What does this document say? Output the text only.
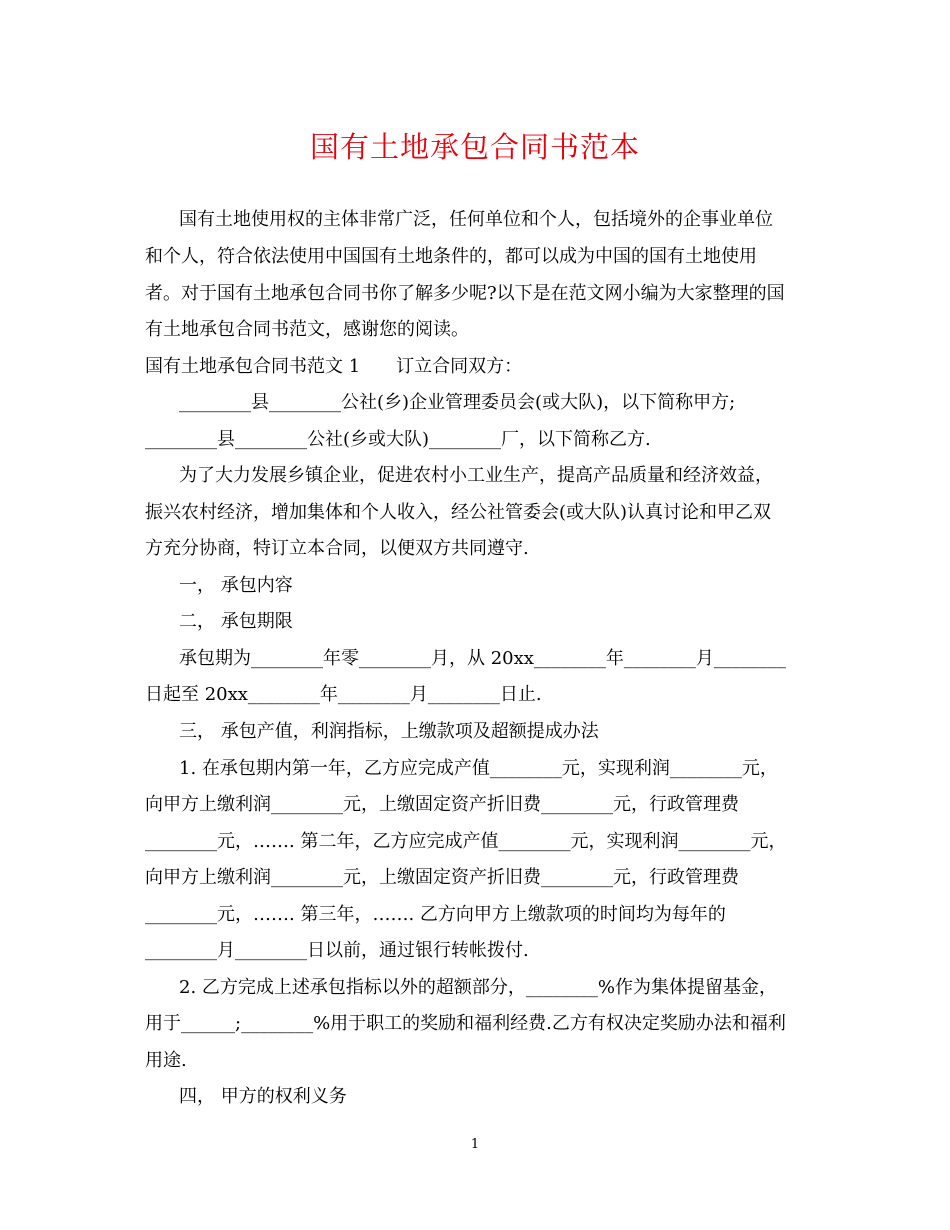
国有土地承包合同书范本

国有土地使用权的主体非常广泛，任何单位和个人，包括境外的企事业单位

和个人，符合依法使用中国国有土地条件的，都可以成为中国的国有土地使用

者。对于国有土地承包合同书你了解多少呢?以下是在范文网小编为大家整理的国

有土地承包合同书范文，感谢您的阅读。

国有土地承包合同书范文 1　　订立合同双方：

________县________公社(乡)企业管理委员会(或大队)，以下简称甲方;

________县________公社(乡或大队)________厂，以下简称乙方.

为了大力发展乡镇企业，促进农村小工业生产，提高产品质量和经济效益，

振兴农村经济，增加集体和个人收入，经公社管委会(或大队)认真讨论和甲乙双

方充分协商，特订立本合同，以便双方共同遵守.

一， 承包内容

二， 承包期限

承包期为________年零________月，从 20xx________年________月________

日起至 20xx________年________月________日止.

三， 承包产值，利润指标，上缴款项及超额提成办法

1. 在承包期内第一年，乙方应完成产值________元，实现利润________元，

向甲方上缴利润________元，上缴固定资产折旧费________元，行政管理费

________元，……. 第二年，乙方应完成产值________元，实现利润________元，

向甲方上缴利润________元，上缴固定资产折旧费________元，行政管理费

________元，……. 第三年，……. 乙方向甲方上缴款项的时间均为每年的

________月________日以前，通过银行转帐拨付.

2. 乙方完成上述承包指标以外的超额部分，________%作为集体提留基金，

用于______;________%用于职工的奖励和福利经费.乙方有权决定奖励办法和福利

用途.

四， 甲方的权利义务

1
